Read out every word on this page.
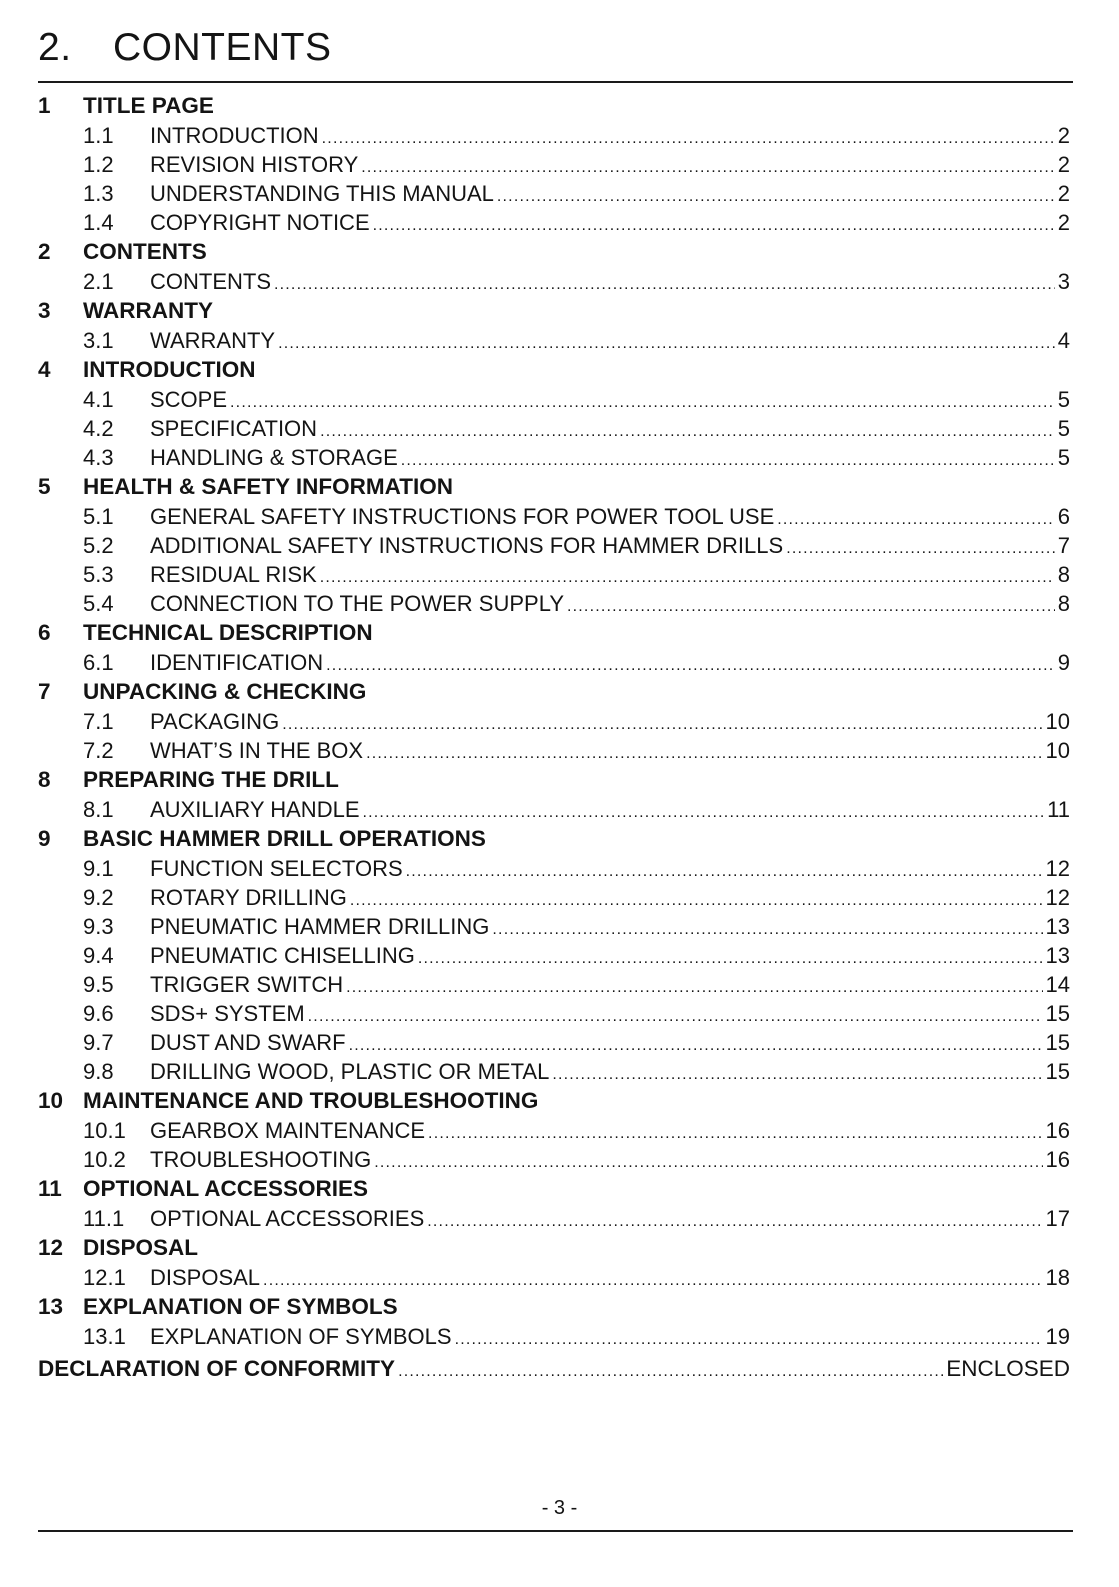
2. CONTENTS
1	TITLE PAGE
1.1	INTRODUCTION .....	2
1.2	REVISION HISTORY .....	2
1.3	UNDERSTANDING THIS MANUAL .....	2
1.4	COPYRIGHT NOTICE .....	2
2	CONTENTS
2.1	CONTENTS .....	3
3	WARRANTY
3.1	WARRANTY .....	4
4	INTRODUCTION
4.1	SCOPE .....	5
4.2	SPECIFICATION .....	5
4.3	HANDLING & STORAGE .....	5
5	HEALTH & SAFETY INFORMATION
5.1	GENERAL SAFETY INSTRUCTIONS FOR POWER TOOL USE .....	6
5.2	ADDITIONAL SAFETY INSTRUCTIONS FOR HAMMER DRILLS .....	7
5.3	RESIDUAL RISK .....	8
5.4	CONNECTION TO THE POWER SUPPLY .....	8
6	TECHNICAL DESCRIPTION
6.1	IDENTIFICATION .....	9
7	UNPACKING & CHECKING
7.1	PACKAGING .....	10
7.2	WHAT’S IN THE BOX .....	10
8	PREPARING THE DRILL
8.1	AUXILIARY HANDLE .....	11
9	BASIC HAMMER DRILL OPERATIONS
9.1	FUNCTION SELECTORS .....	12
9.2	ROTARY DRILLING .....	12
9.3	PNEUMATIC HAMMER DRILLING .....	13
9.4	PNEUMATIC CHISELLING .....	13
9.5	TRIGGER SWITCH .....	14
9.6	SDS+ SYSTEM .....	15
9.7	DUST AND SWARF .....	15
9.8	DRILLING WOOD, PLASTIC OR METAL .....	15
10 MAINTENANCE AND TROUBLESHOOTING
10.1	GEARBOX MAINTENANCE .....	16
10.2	TROUBLESHOOTING .....	16
11 OPTIONAL ACCESSORIES
11.1	OPTIONAL ACCESSORIES .....	17
12 DISPOSAL
12.1	DISPOSAL .....	18
13 EXPLANATION OF SYMBOLS
13.1	EXPLANATION OF SYMBOLS .....	19
DECLARATION OF CONFORMITY .....	ENCLOSED
- 3 -
